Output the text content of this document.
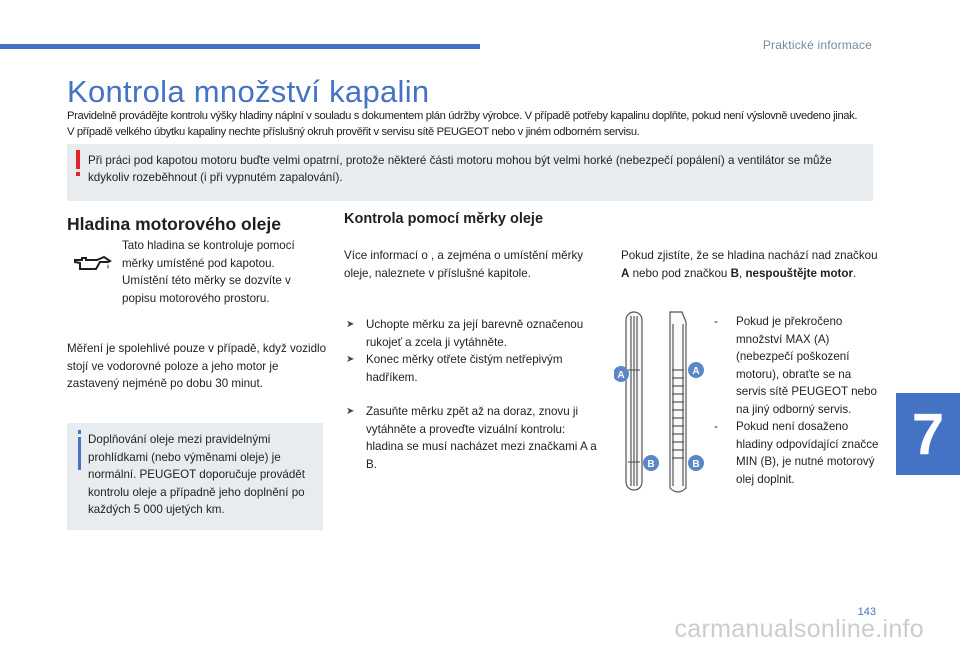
Praktické informace
Kontrola množství kapalin
Pravidelně provádějte kontrolu výšky hladiny náplní v souladu s dokumentem plán údržby výrobce. V případě potřeby kapalinu doplňte, pokud není výslovně uvedeno jinak.
V případě velkého úbytku kapaliny nechte příslušný okruh prověřit v servisu sítě PEUGEOT nebo v jiném odborném servisu.
Při práci pod kapotou motoru buďte velmi opatrní, protože některé části motoru mohou být velmi horké (nebezpečí popálení) a ventilátor se může kdykoliv rozeběhnout (i při vypnutém zapalování).
Hladina motorového oleje
Tato hladina se kontroluje pomocí měrky umístěné pod kapotou. Umístění této měrky se dozvíte v popisu motorového prostoru.
Měření je spolehlivé pouze v případě, když vozidlo stojí ve vodorovné poloze a jeho motor je zastavený nejméně po dobu 30 minut.
Doplňování oleje mezi pravidelnými prohlídkami (nebo výměnami oleje) je normální. PEUGEOT doporučuje provádět kontrolu oleje a případně jeho doplnění po každých 5 000 ujetých km.
Kontrola pomocí měrky oleje
Více informací o , a zejména o umístění měrky oleje, naleznete v příslušné kapitole.
➤ Uchopte měrku za její barevně označenou rukojeť a zcela ji vytáhněte.
➤ Konec měrky otřete čistým netřepivým hadříkem.
➤ Zasuňte měrku zpět až na doraz, znovu ji vytáhněte a proveďte vizuální kontrolu: hladina se musí nacházet mezi značkami A a B.
Pokud zjistíte, že se hladina nachází nad značkou A nebo pod značkou B, nespouštějte motor.
A	A
B	B
- Pokud je překročeno množství MAX (A) (nebezpečí poškození motoru), obraťte se na servis sítě PEUGEOT nebo na jiný odborný servis.
- Pokud není dosaženo hladiny odpovídající značce MIN (B), je nutné motorový olej doplnit.
7
143
carmanualsonline.info
